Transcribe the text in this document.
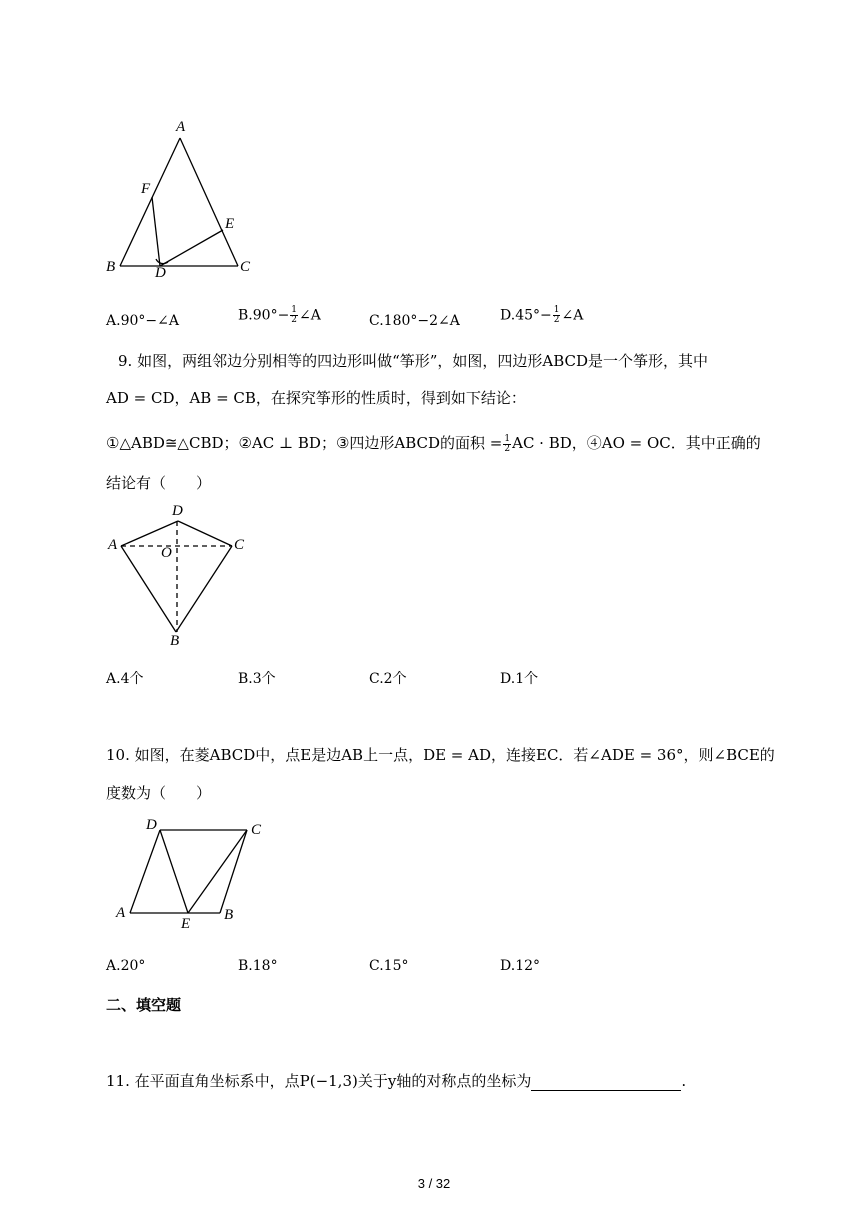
A
F
E
B	D	C
A.90°−∠A	$B.90^\circ- \frac{1}{2}$ ∠A	C.180°−2∠A	$D.45^\circ- \frac{1}{2}$ ∠A
9. 如图，两组邻边分别相等的四边形叫做“筝形”，如图，四边形ABCD是一个筝形，其中
AD = CD，AB = CB，在探究筝形的性质时，得到如下结论：
①△ABD≅△CBD；②AC ⊥ BD；③四边形ABCD的面积 = $\frac{1}{2}$ AC · BD，④AO = OC．其中正确的
结论有（　　）
D
A	C
O
B
A.4个	B.3个	C.2个	D.1个
10. 如图，在菱ABCD中，点E是边AB上一点，DE = AD，连接EC．若∠ADE = 36°，则∠BCE的
度数为（　　）
D	C
A
E
B
A.20°	B.18°	C.15°	D.12°
二、填空题
11. 在平面直角坐标系中，点P(−1,3)关于y轴的对称点的坐标为	.
3 / 32
